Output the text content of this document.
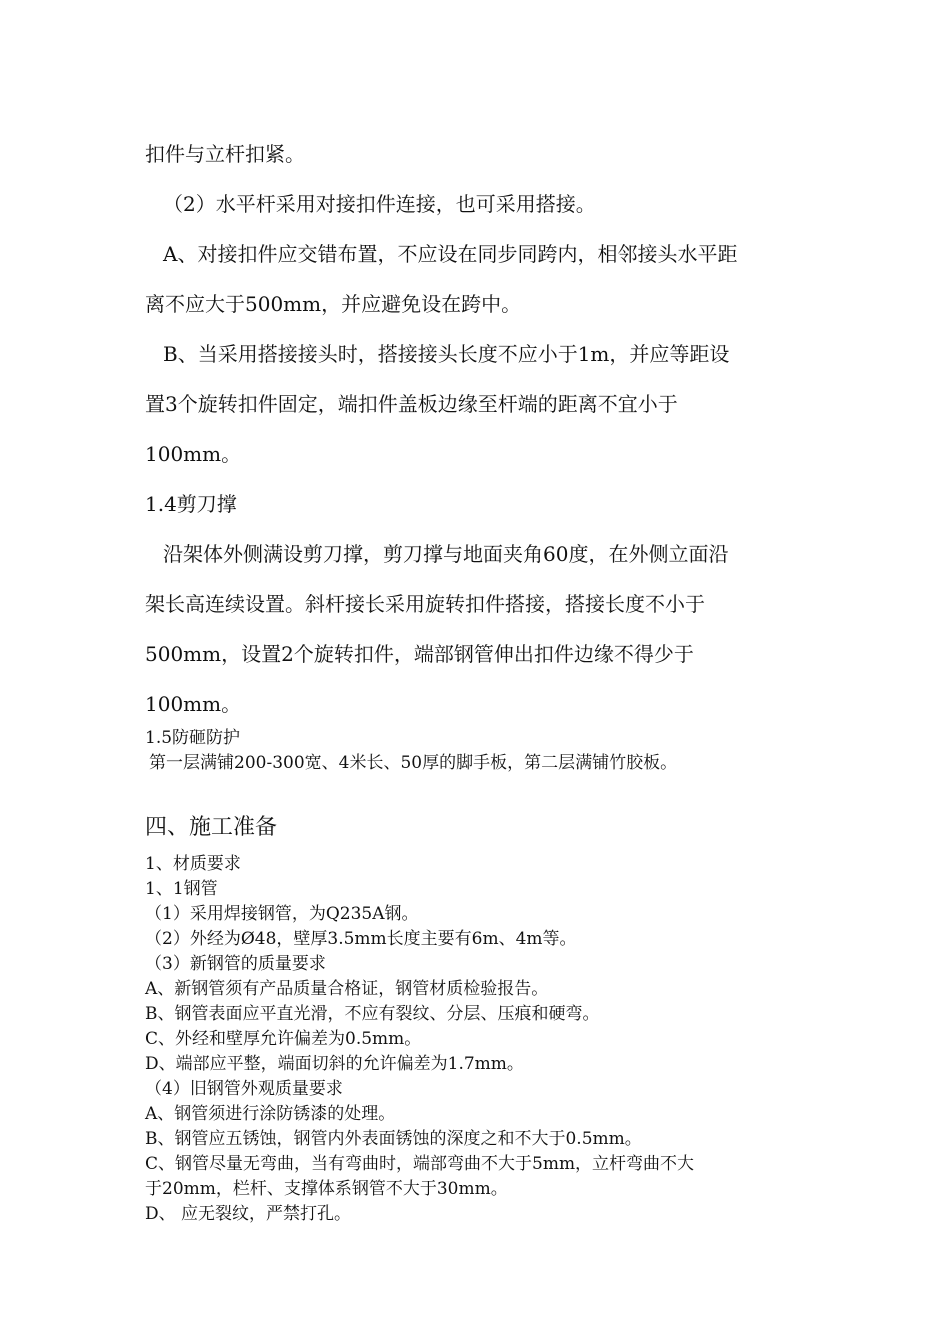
扣件与立杆扣紧。
（2）水平杆采用对接扣件连接，也可采用搭接。
A、对接扣件应交错布置，不应设在同步同跨内，相邻接头水平距
离不应大于500mm，并应避免设在跨中。
B、当采用搭接接头时，搭接接头长度不应小于1m，并应等距设
置3个旋转扣件固定，端扣件盖板边缘至杆端的距离不宜小于
100mm。
1.4剪刀撑
沿架体外侧满设剪刀撑，剪刀撑与地面夹角60度，在外侧立面沿
架长高连续设置。斜杆接长采用旋转扣件搭接，搭接长度不小于
500mm，设置2个旋转扣件，端部钢管伸出扣件边缘不得少于
100mm。
1.5防砸防护
第一层满铺200-300宽、4米长、50厚的脚手板，第二层满铺竹胶板。
四、施工准备
1、材质要求
1、1钢管
（1）采用焊接钢管，为Q235A钢。
（2）外经为Ø48，壁厚3.5mm长度主要有6m、4m等。
（3）新钢管的质量要求
A、新钢管须有产品质量合格证，钢管材质检验报告。
B、钢管表面应平直光滑，不应有裂纹、分层、压痕和硬弯。
C、外经和壁厚允许偏差为0.5mm。
D、端部应平整，端面切斜的允许偏差为1.7mm。
（4）旧钢管外观质量要求
A、钢管须进行涂防锈漆的处理。
B、钢管应五锈蚀，钢管内外表面锈蚀的深度之和不大于0.5mm。
C、钢管尽量无弯曲，当有弯曲时，端部弯曲不大于5mm，立杆弯曲不大
于20mm，栏杆、支撑体系钢管不大于30mm。
D、 应无裂纹，严禁打孔。
